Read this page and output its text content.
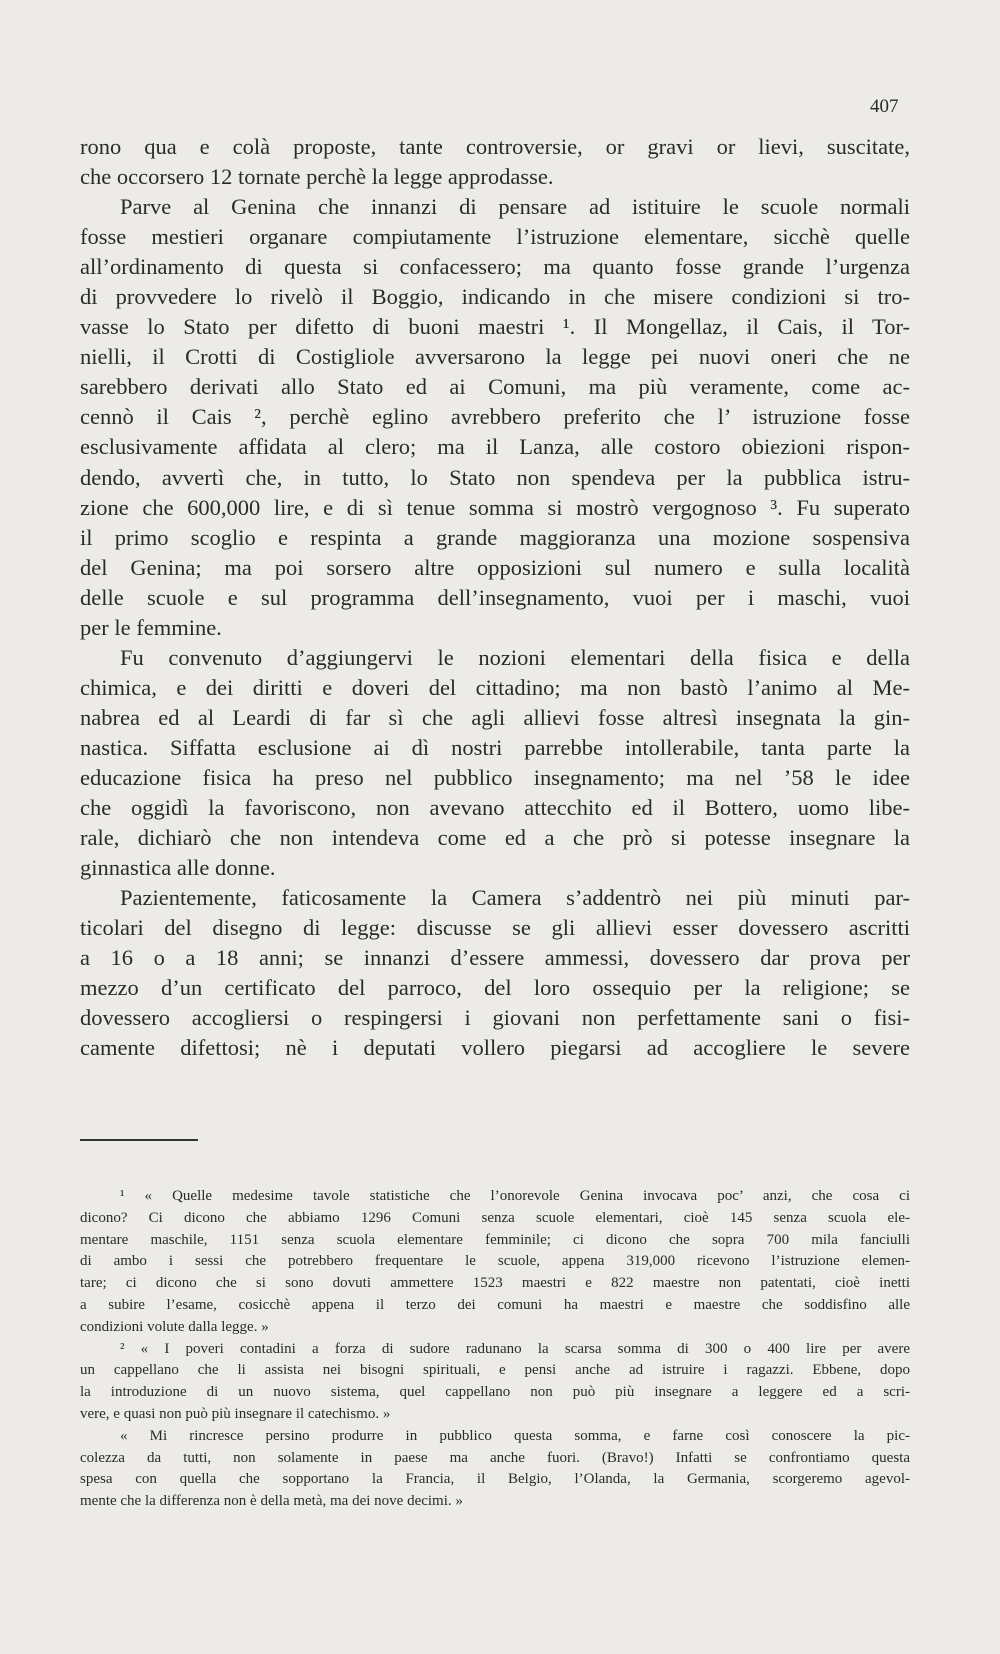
407
rono qua e colà proposte, tante controversie, or gravi or lievi, suscitate,
che occorsero 12 tornate perchè la legge approdasse.
Parve al Genina che innanzi di pensare ad istituire le scuole normali
fosse mestieri organare compiutamente l’istruzione elementare, sicchè quelle
all’ordinamento di questa si confacessero; ma quanto fosse grande l’urgenza
di provvedere lo rivelò il Boggio, indicando in che misere condizioni si tro-
vasse lo Stato per difetto di buoni maestri ¹. Il Mongellaz, il Cais, il Tor-
nielli, il Crotti di Costigliole avversarono la legge pei nuovi oneri che ne
sarebbero derivati allo Stato ed ai Comuni, ma più veramente, come ac-
cennò il Cais ², perchè eglino avrebbero preferito che l’ istruzione fosse
esclusivamente affidata al clero; ma il Lanza, alle costoro obiezioni rispon-
dendo, avvertì che, in tutto, lo Stato non spendeva per la pubblica istru-
zione che 600,000 lire, e di sì tenue somma si mostrò vergognoso ³. Fu superato
il primo scoglio e respinta a grande maggioranza una mozione sospensiva
del Genina; ma poi sorsero altre opposizioni sul numero e sulla località
delle scuole e sul programma dell’insegnamento, vuoi per i maschi, vuoi
per le femmine.
Fu convenuto d’aggiungervi le nozioni elementari della fisica e della
chimica, e dei diritti e doveri del cittadino; ma non bastò l’animo al Me-
nabrea ed al Leardi di far sì che agli allievi fosse altresì insegnata la gin-
nastica. Siffatta esclusione ai dì nostri parrebbe intollerabile, tanta parte la
educazione fisica ha preso nel pubblico insegnamento; ma nel ’58 le idee
che oggidì la favoriscono, non avevano attecchito ed il Bottero, uomo libe-
rale, dichiarò che non intendeva come ed a che prò si potesse insegnare la
ginnastica alle donne.
Pazientemente, faticosamente la Camera s’addentrò nei più minuti par-
ticolari del disegno di legge: discusse se gli allievi esser dovessero ascritti
a 16 o a 18 anni; se innanzi d’essere ammessi, dovessero dar prova per
mezzo d’un certificato del parroco, del loro ossequio per la religione; se
dovessero accogliersi o respingersi i giovani non perfettamente sani o fisi-
camente difettosi; nè i deputati vollero piegarsi ad accogliere le severe
¹ « Quelle medesime tavole statistiche che l’onorevole Genina invocava poc’ anzi, che cosa ci
dicono? Ci dicono che abbiamo 1296 Comuni senza scuole elementari, cioè 145 senza scuola ele-
mentare maschile, 1151 senza scuola elementare femminile; ci dicono che sopra 700 mila fanciulli
di ambo i sessi che potrebbero frequentare le scuole, appena 319,000 ricevono l’istruzione elemen-
tare; ci dicono che si sono dovuti ammettere 1523 maestri e 822 maestre non patentati, cioè inetti
a subire l’esame, cosicchè appena il terzo dei comuni ha maestri e maestre che soddisfino alle
condizioni volute dalla legge. »
² « I poveri contadini a forza di sudore radunano la scarsa somma di 300 o 400 lire per avere
un cappellano che li assista nei bisogni spirituali, e pensi anche ad istruire i ragazzi. Ebbene, dopo
la introduzione di un nuovo sistema, quel cappellano non può più insegnare a leggere ed a scri-
vere, e quasi non può più insegnare il catechismo. »
« Mi rincresce persino produrre in pubblico questa somma, e farne così conoscere la pic-
colezza da tutti, non solamente in paese ma anche fuori. (Bravo!) Infatti se confrontiamo questa
spesa con quella che sopportano la Francia, il Belgio, l’Olanda, la Germania, scorgeremo agevol-
mente che la differenza non è della metà, ma dei nove decimi. »
